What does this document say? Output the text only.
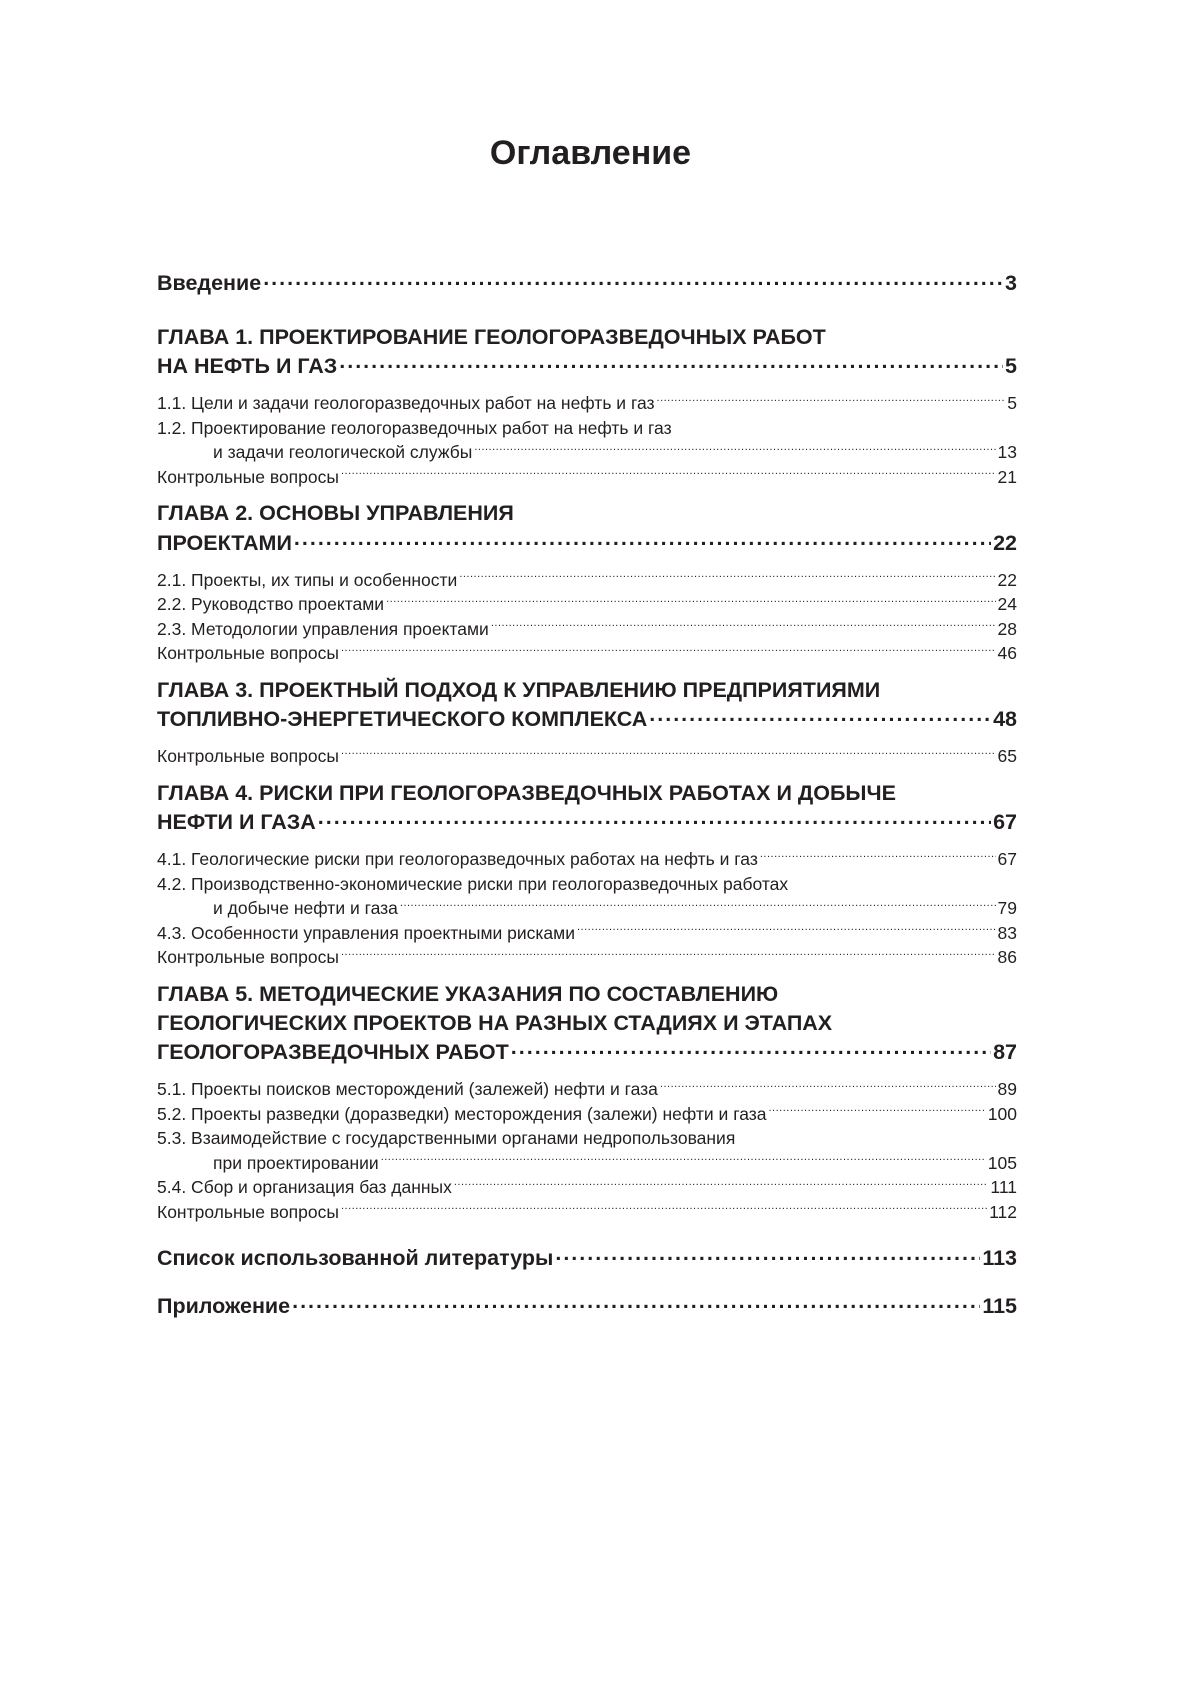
Оглавление
Введение .....	3
ГЛАВА 1. ПРОЕКТИРОВАНИЕ ГЕОЛОГОРАЗВЕДОЧНЫХ РАБОТ
НА НЕФТЬ И ГАЗ .....	5
1.1. Цели и задачи геологоразведочных работ на нефть и газ .....	5
1.2. Проектирование геологоразведочных работ на нефть и газ
и задачи геологической службы .....	13
Контрольные вопросы .....	21
ГЛАВА 2. ОСНОВЫ УПРАВЛЕНИЯ
ПРОЕКТАМИ .....	22
2.1. Проекты, их типы и особенности .....	22
2.2. Руководство проектами .....	24
2.3. Методологии управления проектами .....	28
Контрольные вопросы .....	46
ГЛАВА 3. ПРОЕКТНЫЙ ПОДХОД К УПРАВЛЕНИЮ ПРЕДПРИЯТИЯМИ
ТОПЛИВНО-ЭНЕРГЕТИЧЕСКОГО КОМПЛЕКСА .....	48
Контрольные вопросы .....	65
ГЛАВА 4. РИСКИ ПРИ ГЕОЛОГОРАЗВЕДОЧНЫХ РАБОТАХ И ДОБЫЧЕ
НЕФТИ И ГАЗА .....	67
4.1. Геологические риски при геологоразведочных работах на нефть и газ .....	67
4.2. Производственно-экономические риски при геологоразведочных работах
и добыче нефти и газа .....	79
4.3. Особенности управления проектными рисками .....	83
Контрольные вопросы .....	86
ГЛАВА 5. МЕТОДИЧЕСКИЕ УКАЗАНИЯ ПО СОСТАВЛЕНИЮ
ГЕОЛОГИЧЕСКИХ ПРОЕКТОВ НА РАЗНЫХ СТАДИЯХ И ЭТАПАХ
ГЕОЛОГОРАЗВЕДОЧНЫХ РАБОТ .....	87
5.1. Проекты поисков месторождений (залежей) нефти и газа .....	89
5.2. Проекты разведки (доразведки) месторождения (залежи) нефти и газа .....	100
5.3. Взаимодействие с государственными органами недропользования
при проектировании .....	105
5.4. Сбор и организация баз данных .....	111
Контрольные вопросы .....	112
Список использованной литературы .....	113
Приложение .....	115
